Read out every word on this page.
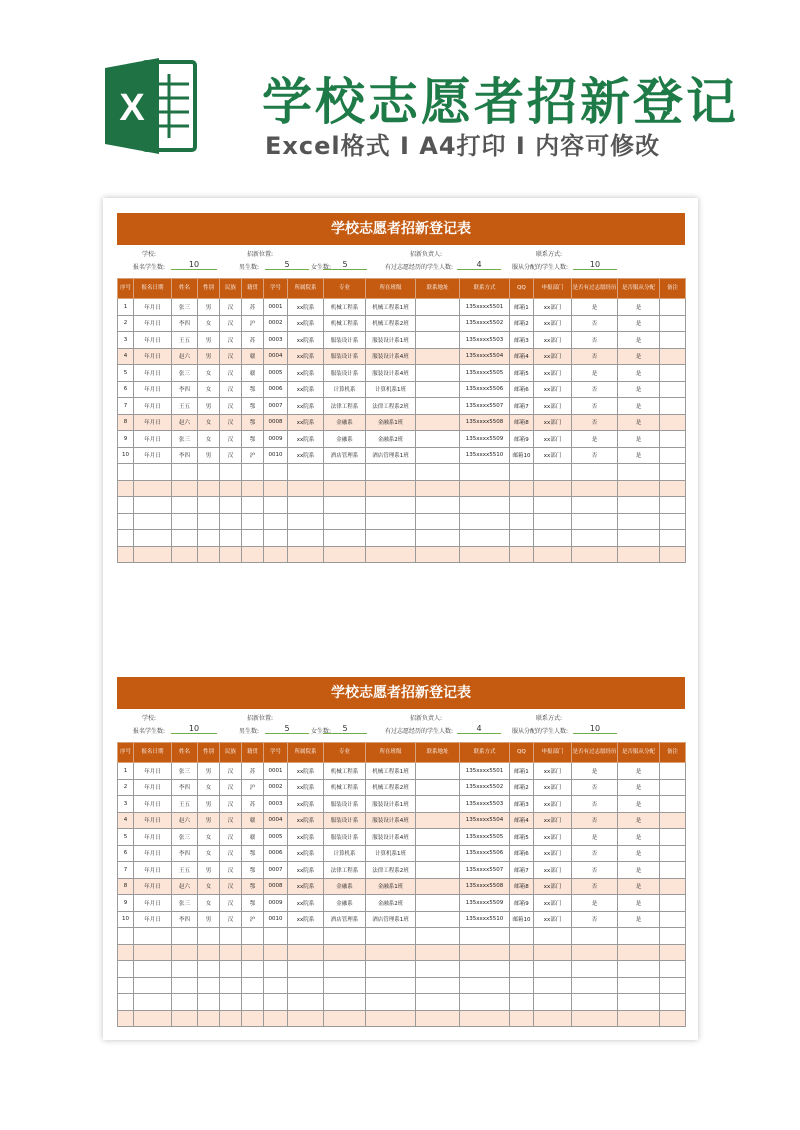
X 学校志愿者招新登记
Excel格式 Ⅰ A4打印 Ⅰ 内容可修改
学校志愿者招新登记表
学校:	招新位置:	招新负责人:	联系方式:
报名学生数:	10	男生数:	5	女生数:	5	有过志愿经历的学生人数:	4	服从分配的学生人数:	10
序号	报名日期	姓名	性别	民族	籍贯	学号	所属院系	专业	所在班级	联系地址	联系方式	QQ	申报部门	是否有过志愿经历	是否服从分配	备注
1	年月日	张三	男	汉	苏	0001	xx院系	机械工程系	机械工程系1班		135xxxx5501	邮箱1	xx部门	是	是	
2	年月日	李四	女	汉	沪	0002	xx院系	机械工程系	机械工程系2班		135xxxx5502	邮箱2	xx部门	否	是	
3	年月日	王五	男	汉	苏	0003	xx院系	服装设计系	服装设计系1班		135xxxx5503	邮箱3	xx部门	否	是	
4	年月日	赵六	男	汉	赣	0004	xx院系	服装设计系	服装设计系4班		135xxxx5504	邮箱4	xx部门	否	是	
5	年月日	张三	女	汉	赣	0005	xx院系	服装设计系	服装设计系4班		135xxxx5505	邮箱5	xx部门	是	是	
6	年月日	李四	女	汉	鄂	0006	xx院系	计算机系	计算机系1班		135xxxx5506	邮箱6	xx部门	否	是	
7	年月日	王五	男	汉	鄂	0007	xx院系	法律工程系	法律工程系2班		135xxxx5507	邮箱7	xx部门	否	是	
8	年月日	赵六	女	汉	鄂	0008	xx院系	金融系	金融系1班		135xxxx5508	邮箱8	xx部门	否	是	
9	年月日	张三	女	汉	鄂	0009	xx院系	金融系	金融系2班		135xxxx5509	邮箱9	xx部门	是	是	
10	年月日	李四	男	汉	沪	0010	xx院系	酒店管理系	酒店管理系1班		135xxxx5510	邮箱10	xx部门	否	是	

学校志愿者招新登记表
学校:	招新位置:	招新负责人:	联系方式:
报名学生数:	10	男生数:	5	女生数:	5	有过志愿经历的学生人数:	4	服从分配的学生人数:	10
序号	报名日期	姓名	性别	民族	籍贯	学号	所属院系	专业	所在班级	联系地址	联系方式	QQ	申报部门	是否有过志愿经历	是否服从分配	备注
1	年月日	张三	男	汉	苏	0001	xx院系	机械工程系	机械工程系1班		135xxxx5501	邮箱1	xx部门	是	是	
2	年月日	李四	女	汉	沪	0002	xx院系	机械工程系	机械工程系2班		135xxxx5502	邮箱2	xx部门	否	是	
3	年月日	王五	男	汉	苏	0003	xx院系	服装设计系	服装设计系1班		135xxxx5503	邮箱3	xx部门	否	是	
4	年月日	赵六	男	汉	赣	0004	xx院系	服装设计系	服装设计系4班		135xxxx5504	邮箱4	xx部门	否	是	
5	年月日	张三	女	汉	赣	0005	xx院系	服装设计系	服装设计系4班		135xxxx5505	邮箱5	xx部门	是	是	
6	年月日	李四	女	汉	鄂	0006	xx院系	计算机系	计算机系1班		135xxxx5506	邮箱6	xx部门	否	是	
7	年月日	王五	男	汉	鄂	0007	xx院系	法律工程系	法律工程系2班		135xxxx5507	邮箱7	xx部门	否	是	
8	年月日	赵六	女	汉	鄂	0008	xx院系	金融系	金融系1班		135xxxx5508	邮箱8	xx部门	否	是	
9	年月日	张三	女	汉	鄂	0009	xx院系	金融系	金融系2班		135xxxx5509	邮箱9	xx部门	是	是	
10	年月日	李四	男	汉	沪	0010	xx院系	酒店管理系	酒店管理系1班		135xxxx5510	邮箱10	xx部门	否	是	
